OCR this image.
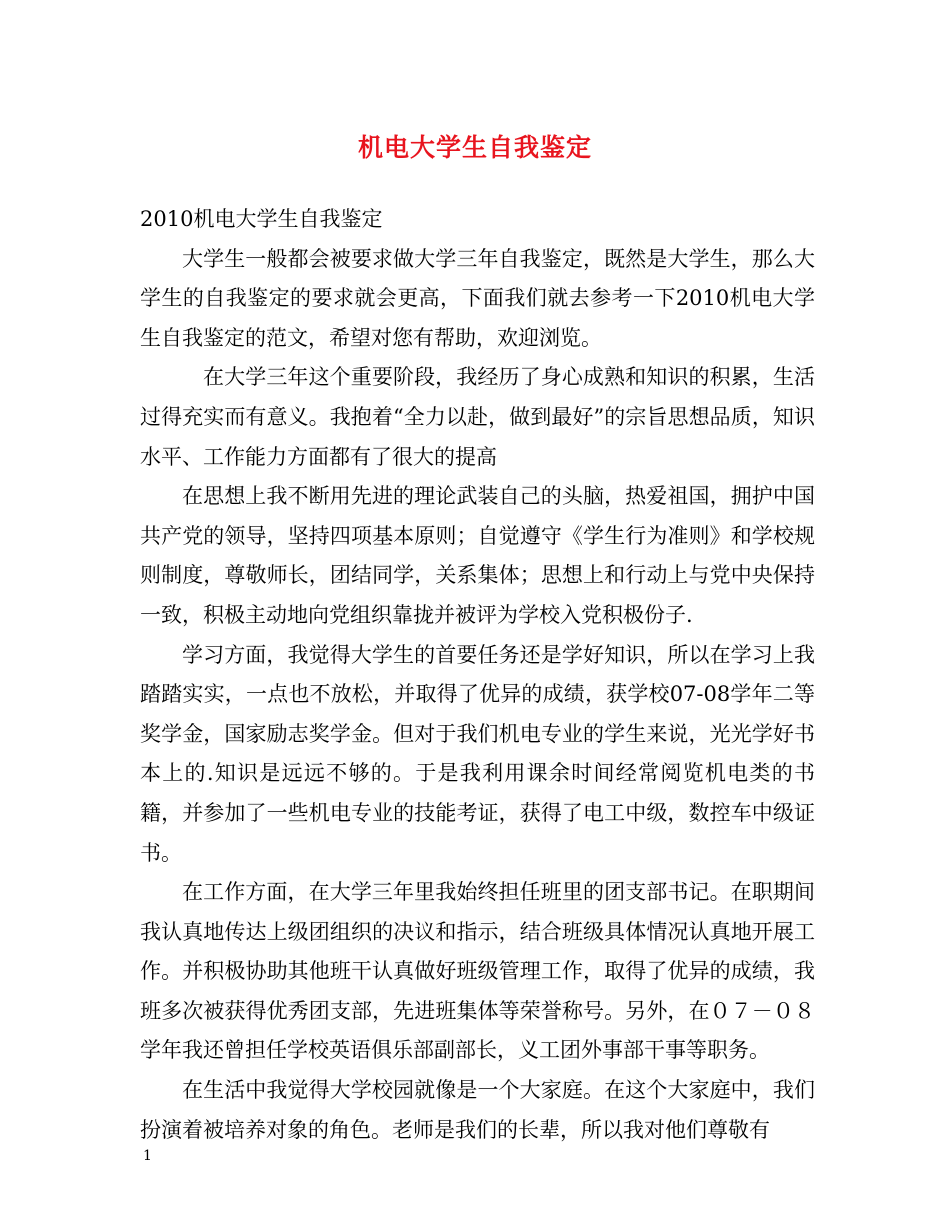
机电大学生自我鉴定

2010机电大学生自我鉴定

大学生一般都会被要求做大学三年自我鉴定，既然是大学生，那么大学生的自我鉴定的要求就会更高，下面我们就去参考一下2010机电大学生自我鉴定的范文，希望对您有帮助，欢迎浏览。

在大学三年这个重要阶段，我经历了身心成熟和知识的积累，生活过得充实而有意义。我抱着“全力以赴，做到最好”的宗旨思想品质，知识水平、工作能力方面都有了很大的提高

在思想上我不断用先进的理论武装自己的头脑，热爱祖国，拥护中国共产党的领导，坚持四项基本原则；自觉遵守《学生行为准则》和学校规则制度，尊敬师长，团结同学，关系集体；思想上和行动上与党中央保持一致，积极主动地向党组织靠拢并被评为学校入党积极份子.

学习方面，我觉得大学生的首要任务还是学好知识，所以在学习上我踏踏实实，一点也不放松，并取得了优异的成绩，获学校07-08学年二等奖学金，国家励志奖学金。但对于我们机电专业的学生来说，光光学好书本上的.知识是远远不够的。于是我利用课余时间经常阅览机电类的书籍，并参加了一些机电专业的技能考证，获得了电工中级，数控车中级证书。

在工作方面，在大学三年里我始终担任班里的团支部书记。在职期间我认真地传达上级团组织的决议和指示，结合班级具体情况认真地开展工作。并积极协助其他班干认真做好班级管理工作，取得了优异的成绩，我班多次被获得优秀团支部，先进班集体等荣誉称号。另外，在０７－０８学年我还曾担任学校英语俱乐部副部长，义工团外事部干事等职务。

在生活中我觉得大学校园就像是一个大家庭。在这个大家庭中，我们扮演着被培养对象的角色。老师是我们的长辈，所以我对他们尊敬有

1
